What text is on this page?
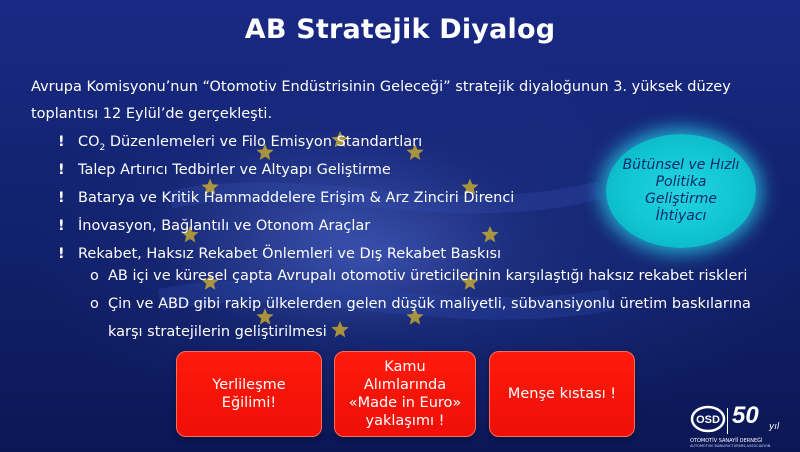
AB Stratejik Diyalog
Avrupa Komisyonu’nun “Otomotiv Endüstrisinin Geleceği” stratejik diyaloğunun 3. yüksek düzey toplantısı 12 Eylül’de gerçekleşti.
! $CO_2$ Düzenlemeleri ve Filo Emisyon Standartları
! Talep Artırıcı Tedbirler ve Altyapı Geliştirme
! Batarya ve Kritik Hammaddelere Erişim & Arz Zinciri Direnci
! İnovasyon, Bağlantılı ve Otonom Araçlar
! Rekabet, Haksız Rekabet Önlemleri ve Dış Rekabet Baskısı
o AB içi ve küresel çapta Avrupalı otomotiv üreticilerinin karşılaştığı haksız rekabet riskleri
o Çin ve ABD gibi rakip ülkelerden gelen düşük maliyetli, sübvansiyonlu üretim baskılarına karşı stratejilerin geliştirilmesi
Bütünsel ve Hızlı Politika Geliştirme İhtiyacı
Yerlileşme Eğilimi!
Kamu Alımlarında «Made in Euro» yaklaşımı !
Menşe kıstası !
OSD 50 yıl
OTOMOTİV SANAYİİ DERNEĞİ
AUTOMOTIVE MANUFACTURERS ASSOCIATION
